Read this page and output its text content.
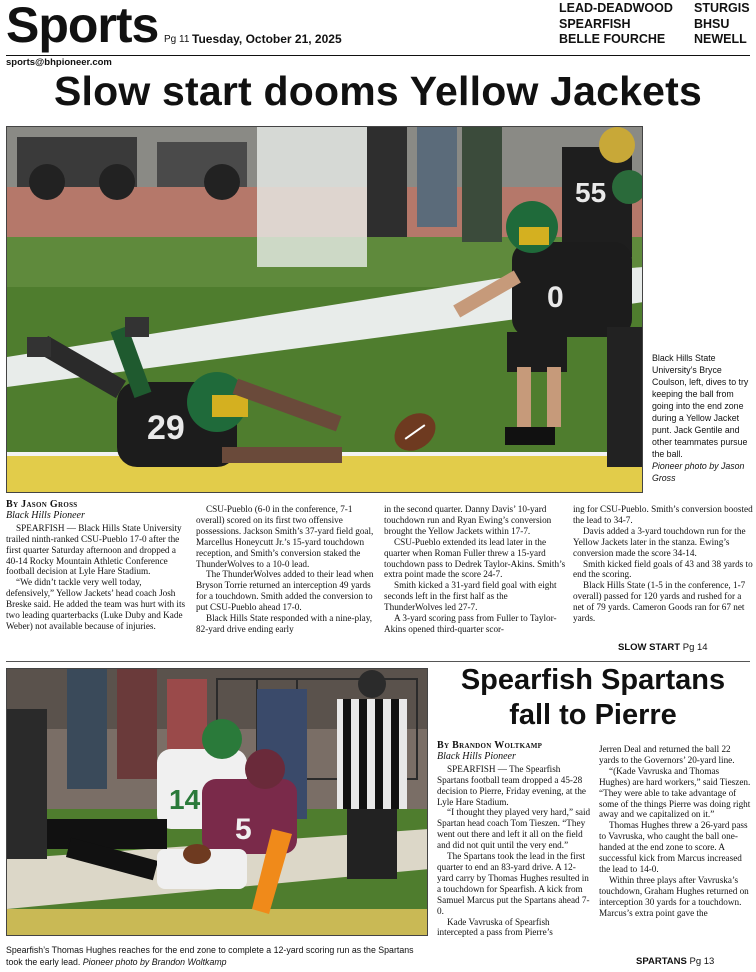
Sports Pg 11 Tuesday, October 21, 2025
LEAD-DEADWOOD
SPEARFISH
BELLE FOURCHE
STURGIS
BHSU
NEWELL
sports@bhpioneer.com
Slow start dooms Yellow Jackets
55
0
29
Black Hills State University’s Bryce Coulson, left, dives to try keeping the ball from going into the end zone during a Yellow Jacket punt. Jack Gentile and other teammates pursue the ball.
Pioneer photo by Jason Gross

By Jason Gross

Black Hills Pioneer

SPEARFISH — Black Hills State University trailed ninth-ranked CSU-Pueblo 17-0 after the first quarter Saturday afternoon and dropped a 40-14 Rocky Mountain Athletic Conference football decision at Lyle Hare Stadium.

“We didn’t tackle very well today, defensively,” Yellow Jackets’ head coach Josh Breske said. He added the team was hurt with its two leading quarterbacks (Luke Duby and Kade Weber) not available because of injuries.

CSU-Pueblo (6-0 in the conference, 7-1 overall) scored on its first two offensive possessions. Jackson Smith’s 37-yard field goal, Marcellus Honeycutt Jr.’s 15-yard touchdown reception, and Smith’s conversion staked the ThunderWolves to a 10-0 lead.

The ThunderWolves added to their lead when Bryson Torrie returned an interception 49 yards for a touchdown. Smith added the conversion to put CSU-Pueblo ahead 17-0.

Black Hills State responded with a nine-play, 82-yard drive ending early

in the second quarter. Danny Davis’ 10-yard touchdown run and Ryan Ewing’s conversion brought the Yellow Jackets within 17-7.

CSU-Pueblo extended its lead later in the quarter when Roman Fuller threw a 15-yard touchdown pass to Dedrek Taylor-Akins. Smith’s extra point made the score 24-7.

Smith kicked a 31-yard field goal with eight seconds left in the first half as the ThunderWolves led 27-7.

A 3-yard scoring pass from Fuller to Taylor-Akins opened third-quarter scor-

ing for CSU-Pueblo. Smith’s conversion boosted the lead to 34-7.

Davis added a 3-yard touchdown run for the Yellow Jackets later in the stanza. Ewing’s conversion made the score 34-14.

Smith kicked field goals of 43 and 38 yards to end the scoring.

Black Hills State (1-5 in the conference, 1-7 overall) passed for 120 yards and rushed for a net of 79 yards. Cameron Goods ran for 67 net yards.

SLOW START Pg 14
14
5
Spearfish’s Thomas Hughes reaches for the end zone to complete a 12-yard scoring run as the Spartans took the early lead. Pioneer photo by Brandon Woltkamp
Spearfish Spartans fall to Pierre

By Brandon Woltkamp

Black Hills Pioneer

SPEARFISH — The Spearfish Spartans football team dropped a 45-28 decision to Pierre, Friday evening, at the Lyle Hare Stadium.

“I thought they played very hard,” said Spartan head coach Tom Tieszen. “They went out there and left it all on the field and did not quit until the very end.”

The Spartans took the lead in the first quarter to end an 83-yard drive. A 12-yard carry by Thomas Hughes resulted in a touchdown for Spearfish. A kick from Samuel Marcus put the Spartans ahead 7-0.

Kade Vavruska of Spearfish intercepted a pass from Pierre’s

Jerren Deal and returned the ball 22 yards to the Governors’ 20-yard line.

“(Kade Vavruska and Thomas Hughes) are hard workers,” said Tieszen. “They were able to take advantage of some of the things Pierre was doing right away and we capitalized on it.”

Thomas Hughes threw a 26-yard pass to Vavruska, who caught the ball one-handed at the end zone to score. A successful kick from Marcus increased the lead to 14-0.

Within three plays after Vavruska’s touchdown, Graham Hughes returned on interception 30 yards for a touchdown. Marcus’s extra point gave the

SPARTANS Pg 13
